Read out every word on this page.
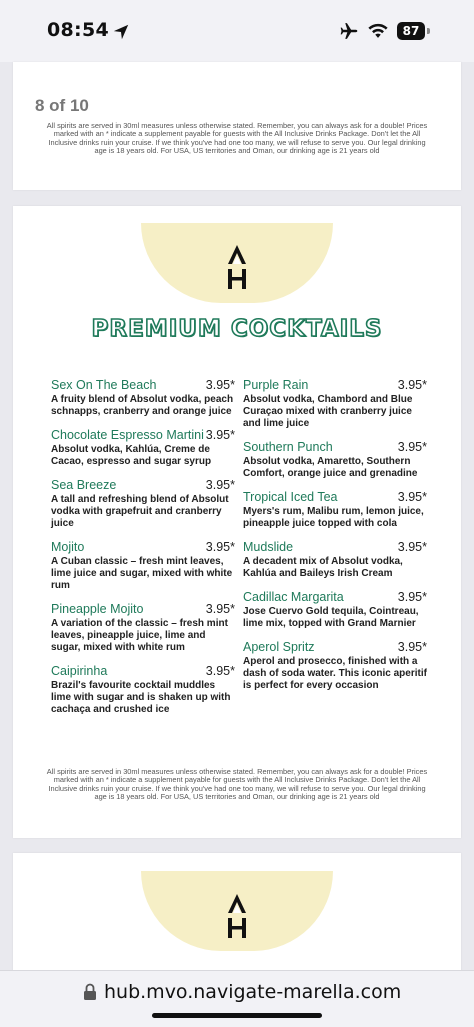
08:54	87
8 of 10

All spirits are served in 30ml measures unless otherwise stated. Remember, you can always ask for a double! Prices marked with an * indicate a supplement payable for guests with the All Inclusive Drinks Package. Don't let the All Inclusive drinks ruin your cruise. If we think you've had one too many, we will refuse to serve you. Our legal drinking age is 18 years old. For USA, US territories and Oman, our drinking age is 21 years old

PREMIUM COCKTAILS
Sex On The Beach	3.95*
A fruity blend of Absolut vodka, peach schnapps, cranberry and orange juice
Chocolate Espresso Martini 3.95*
Absolut vodka, Kahlúa, Creme de Cacao, espresso and sugar syrup
Sea Breeze	3.95*
A tall and refreshing blend of Absolut vodka with grapefruit and cranberry juice
Mojito	3.95*
A Cuban classic – fresh mint leaves, lime juice and sugar, mixed with white rum
Pineapple Mojito	3.95*
A variation of the classic – fresh mint leaves, pineapple juice, lime and sugar, mixed with white rum
Caipirinha	3.95*
Brazil's favourite cocktail muddles lime with sugar and is shaken up with cachaça and crushed ice
Purple Rain	3.95*
Absolut vodka, Chambord and Blue Curaçao mixed with cranberry juice and lime juice
Southern Punch	3.95*
Absolut vodka, Amaretto, Southern Comfort, orange juice and grenadine
Tropical Iced Tea	3.95*
Myers's rum, Malibu rum, lemon juice, pineapple juice topped with cola
Mudslide	3.95*
A decadent mix of Absolut vodka, Kahlúa and Baileys Irish Cream
Cadillac Margarita	3.95*
Jose Cuervo Gold tequila, Cointreau, lime mix, topped with Grand Marnier
Aperol Spritz	3.95*
Aperol and prosecco, finished with a dash of soda water. This iconic aperitif is perfect for every occasion

All spirits are served in 30ml measures unless otherwise stated. Remember, you can always ask for a double! Prices marked with an * indicate a supplement payable for guests with the All Inclusive Drinks Package. Don't let the All Inclusive drinks ruin your cruise. If we think you've had one too many, we will refuse to serve you. Our legal drinking age is 18 years old. For USA, US territories and Oman, our drinking age is 21 years old

hub.mvo.navigate-marella.com
